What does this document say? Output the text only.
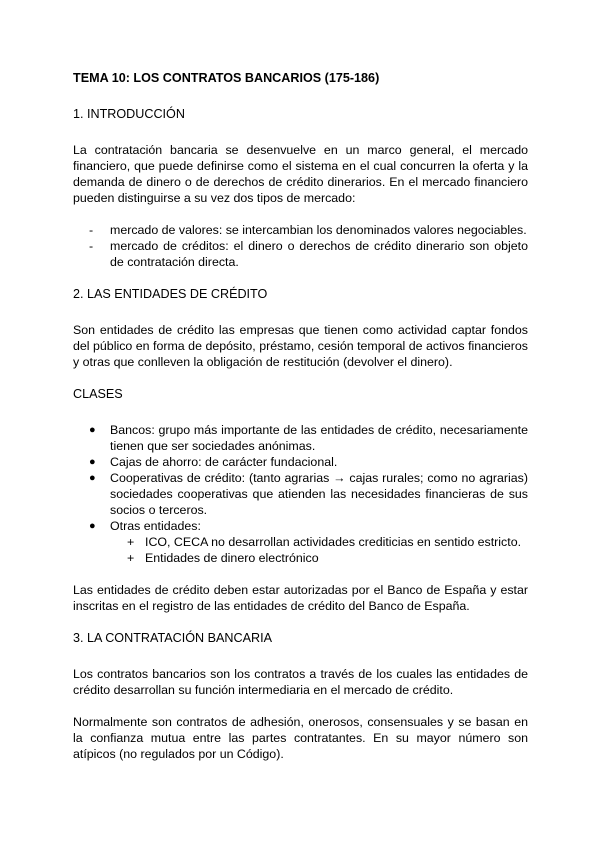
TEMA 10: LOS CONTRATOS BANCARIOS (175-186)
1. INTRODUCCIÓN

La contratación bancaria se desenvuelve en un marco general, el mercado financiero, que puede definirse como el sistema en el cual concurren la oferta y la demanda de dinero o de derechos de crédito dinerarios. En el mercado financiero pueden distinguirse a su vez dos tipos de mercado:

- mercado de valores: se intercambian los denominados valores negociables.
- mercado de créditos: el dinero o derechos de crédito dinerario son objeto de contratación directa.
2. LAS ENTIDADES DE CRÉDITO

Son entidades de crédito las empresas que tienen como actividad captar fondos del público en forma de depósito, préstamo, cesión temporal de activos financieros y otras que conlleven la obligación de restitución (devolver el dinero).

CLASES
● Bancos: grupo más importante de las entidades de crédito, necesariamente tienen que ser sociedades anónimas.
● Cajas de ahorro: de carácter fundacional.
● Cooperativas de crédito: (tanto agrarias → cajas rurales; como no agrarias) sociedades cooperativas que atienden las necesidades financieras de sus socios o terceros.
● Otras entidades:
+ ICO, CECA no desarrollan actividades crediticias en sentido estricto.
+ Entidades de dinero electrónico

Las entidades de crédito deben estar autorizadas por el Banco de España y estar inscritas en el registro de las entidades de crédito del Banco de España.

3. LA CONTRATACIÓN BANCARIA

Los contratos bancarios son los contratos a través de los cuales las entidades de crédito desarrollan su función intermediaria en el mercado de crédito.

Normalmente son contratos de adhesión, onerosos, consensuales y se basan en la confianza mutua entre las partes contratantes. En su mayor número son atípicos (no regulados por un Código).
